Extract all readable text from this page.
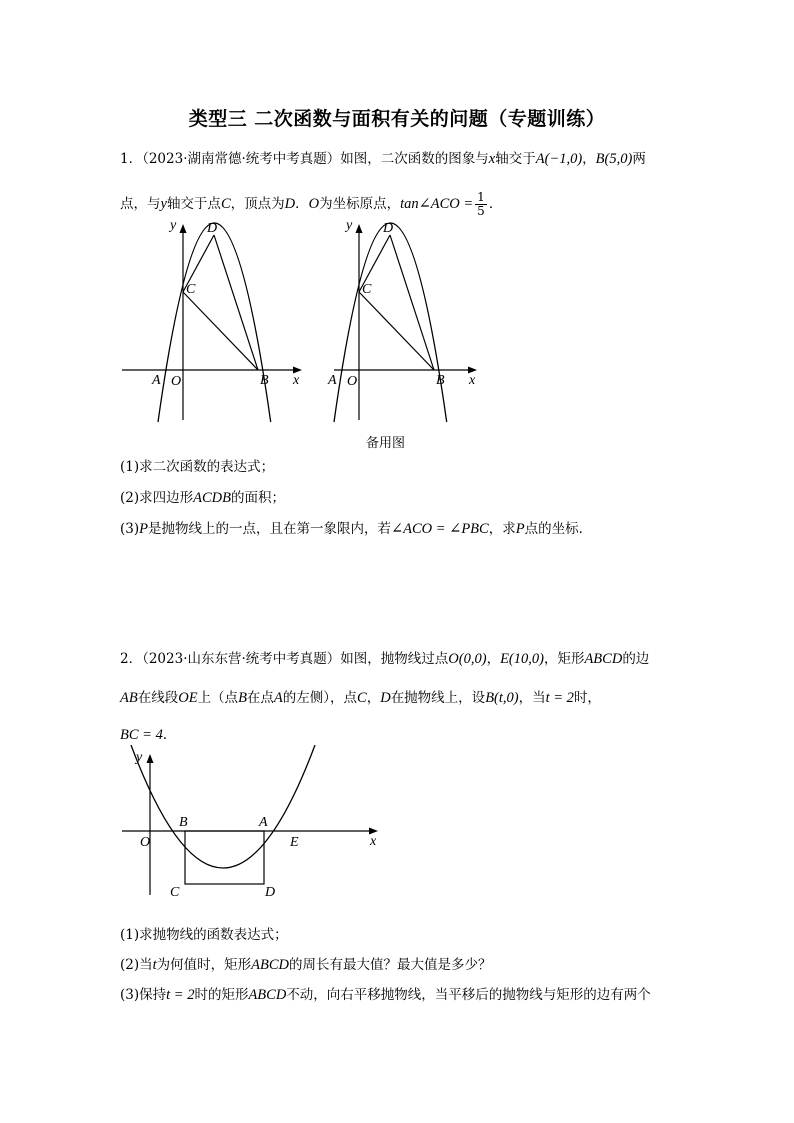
类型三 二次函数与面积有关的问题（专题训练）
1．（2023·湖南常德·统考中考真题）如图，二次函数的图象与x轴交于A(−1,0)，B(5,0)两
点，与y轴交于点C，顶点为D．O为坐标原点，tan∠ACO = $\frac{1}{5}$ ．
y
x
A O	B
C
D	y
x
A O	B
C
D
备用图
(1)求二次函数的表达式；
(2)求四边形ACDB的面积；
(3)P是抛物线上的一点，且在第一象限内，若∠ACO = ∠PBC，求P点的坐标．
2．（2023·山东东营·统考中考真题）如图，抛物线过点O(0,0)，E(10,0)，矩形ABCD的边
AB在线段OE上（点B在点A的左侧），点C，D在抛物线上，设B(t,0)，当t = 2时，
BC = 4．
y
x
O
B	A
E
C	D
(1)求抛物线的函数表达式；
(2)当t为何值时，矩形ABCD的周长有最大值？最大值是多少？
(3)保持t = 2时的矩形ABCD不动，向右平移抛物线，当平移后的抛物线与矩形的边有两个
